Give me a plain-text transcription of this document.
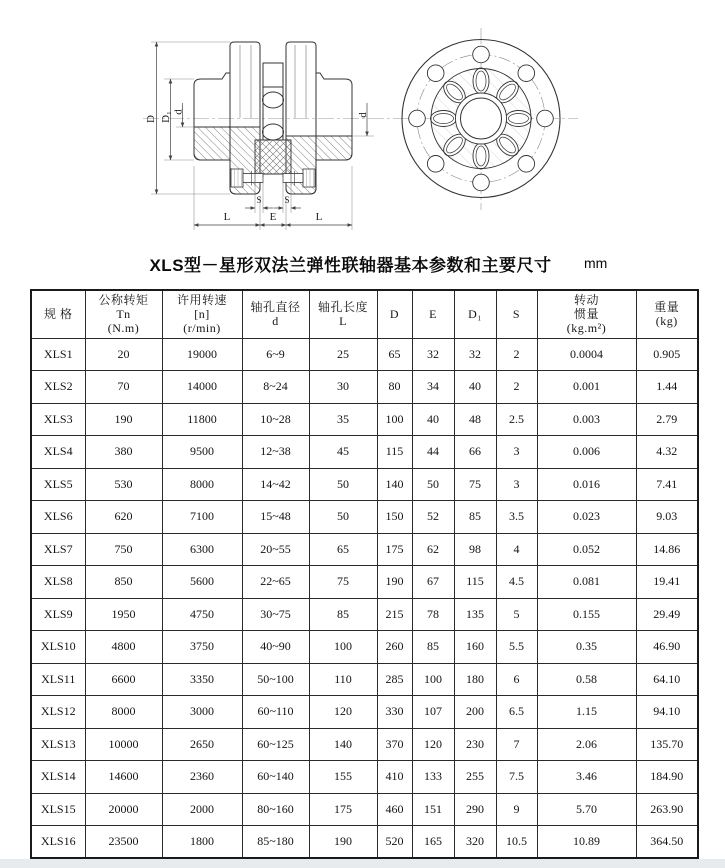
D D₁ d
d
S	S
L	E	L
XLS型－星形双法兰弹性联轴器基本参数和主要尺寸	mm
规 格

公称转矩
Tn
(N.m)

许用转速
[n]
(r/min)

轴孔直径
d

轴孔长度
L	D	E	D₁	S

转动
惯量
(kg.m²)

重量
(kg)

XLS1	20	19000	6~9	25	65	32	32	2	0.0004	0.905
XLS2	70	14000	8~24	30	80	34	40	2	0.001	1.44
XLS3	190	11800	10~28	35	100	40	48	2.5	0.003	2.79
XLS4	380	9500	12~38	45	115	44	66	3	0.006	4.32
XLS5	530	8000	14~42	50	140	50	75	3	0.016	7.41
XLS6	620	7100	15~48	50	150	52	85	3.5	0.023	9.03
XLS7	750	6300	20~55	65	175	62	98	4	0.052	14.86
XLS8	850	5600	22~65	75	190	67	115	4.5	0.081	19.41
XLS9	1950	4750	30~75	85	215	78	135	5	0.155	29.49
XLS10	4800	3750	40~90	100	260	85	160	5.5	0.35	46.90
XLS11	6600	3350	50~100	110	285	100	180	6	0.58	64.10
XLS12	8000	3000	60~110	120	330	107	200	6.5	1.15	94.10
XLS13	10000	2650	60~125	140	370	120	230	7	2.06	135.70
XLS14	14600	2360	60~140	155	410	133	255	7.5	3.46	184.90
XLS15	20000	2000	80~160	175	460	151	290	9	5.70	263.90
XLS16	23500	1800	85~180	190	520	165	320	10.5	10.89	364.50
